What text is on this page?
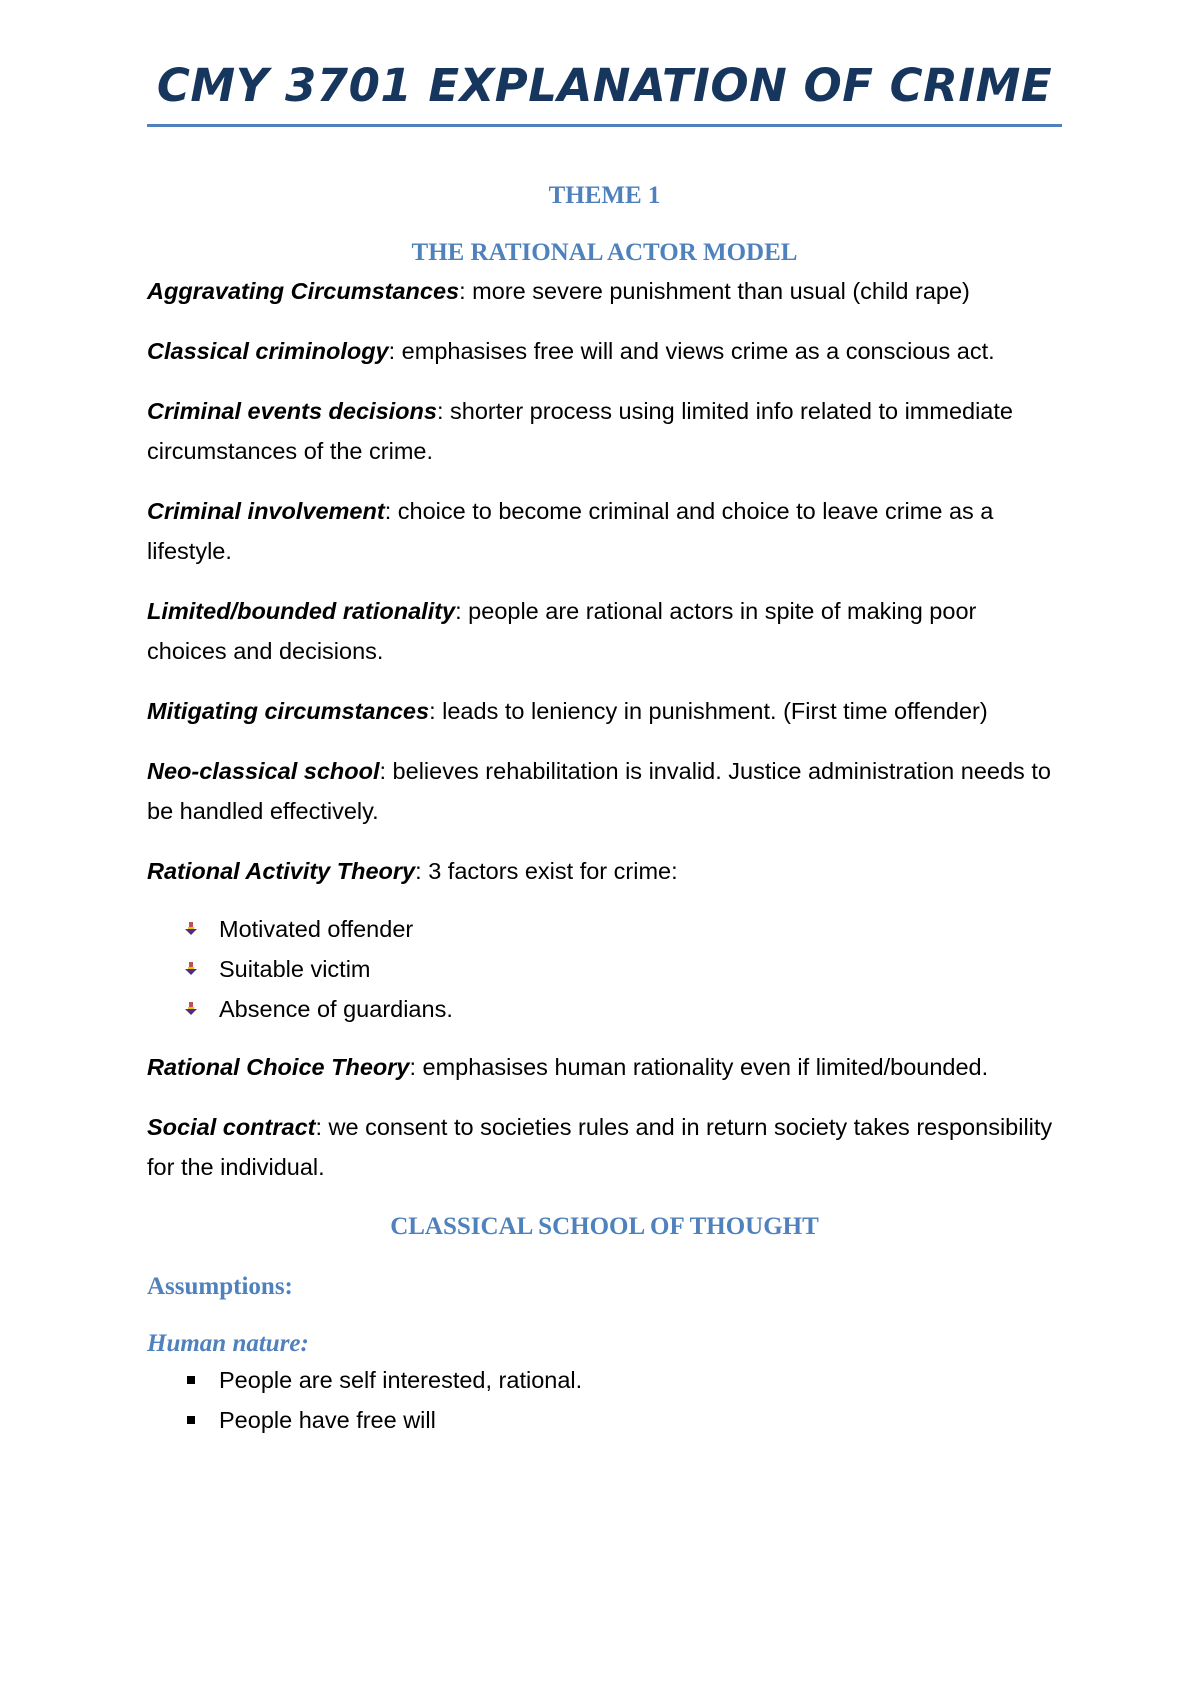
CMY 3701 EXPLANATION OF CRIME
THEME 1
THE RATIONAL ACTOR MODEL

Aggravating Circumstances: more severe punishment than usual (child rape)

Classical criminology: emphasises free will and views crime as a conscious act.

Criminal events decisions: shorter process using limited info related to immediate circumstances of the crime.

Criminal involvement: choice to become criminal and choice to leave crime as a lifestyle.

Limited/bounded rationality: people are rational actors in spite of making poor choices and decisions.

Mitigating circumstances: leads to leniency in punishment. (First time offender)

Neo-classical school: believes rehabilitation is invalid. Justice administration needs to be handled effectively.

Rational Activity Theory: 3 factors exist for crime:

Motivated offender
Suitable victim
Absence of guardians.

Rational Choice Theory: emphasises human rationality even if limited/bounded.

Social contract: we consent to societies rules and in return society takes responsibility for the individual.

CLASSICAL SCHOOL OF THOUGHT
Assumptions:
Human nature:
People are self interested, rational.
People have free will
